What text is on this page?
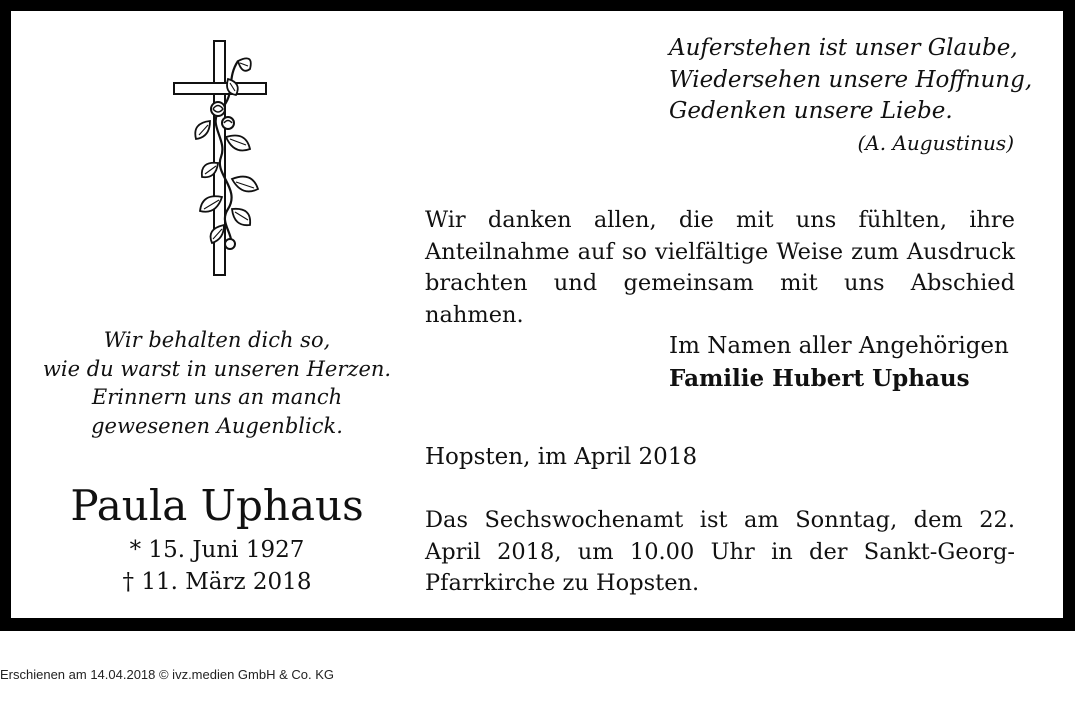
Auferstehen ist unser Glaube,
Wiedersehen unsere Hoffnung,
Gedenken unsere Liebe.
(A. Augustinus)
Wir danken allen, die mit uns fühlten, ihre Anteilnahme auf so vielfältige Weise zum Ausdruck brachten und gemeinsam mit uns Abschied nahmen.
Im Namen aller Angehörigen
Familie Hubert Uphaus
Hopsten, im April 2018
Das Sechswochenamt ist am Sonntag, dem 22. April 2018, um 10.00 Uhr in der Sankt-Georg-Pfarrkirche zu Hopsten.
Wir behalten dich so,
wie du warst in unseren Herzen.
Erinnern uns an manch
gewesenen Augenblick.
Paula Uphaus
* 15. Juni 1927
† 11. März 2018
Erschienen am 14.04.2018 © ivz.medien GmbH & Co. KG
